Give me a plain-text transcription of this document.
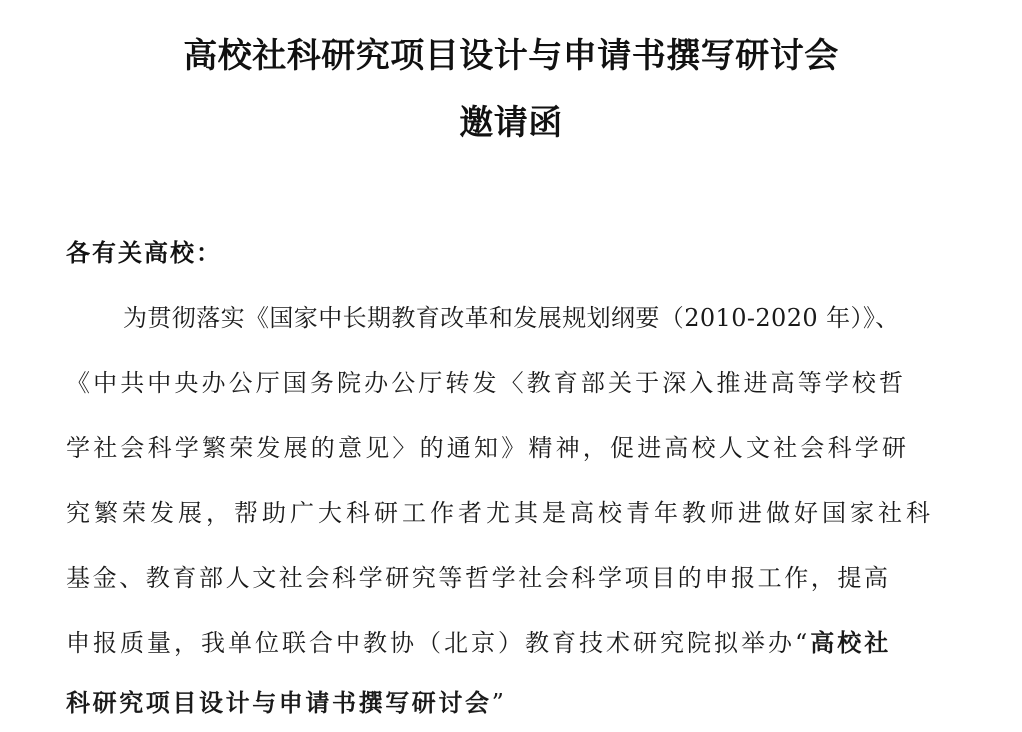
高校社科研究项目设计与申请书撰写研讨会
邀请函
各有关高校：
为贯彻落实《国家中长期教育改革和发展规划纲要（2010-2020 年）》、
《中共中央办公厅国务院办公厅转发〈教育部关于深入推进高等学校哲
学社会科学繁荣发展的意见〉的通知》精神，促进高校人文社会科学研
究繁荣发展，帮助广大科研工作者尤其是高校青年教师进做好国家社科
基金、教育部人文社会科学研究等哲学社会科学项目的申报工作，提高
申报质量，我单位联合中教协（北京）教育技术研究院拟举办“高校社
科研究项目设计与申请书撰写研讨会”
